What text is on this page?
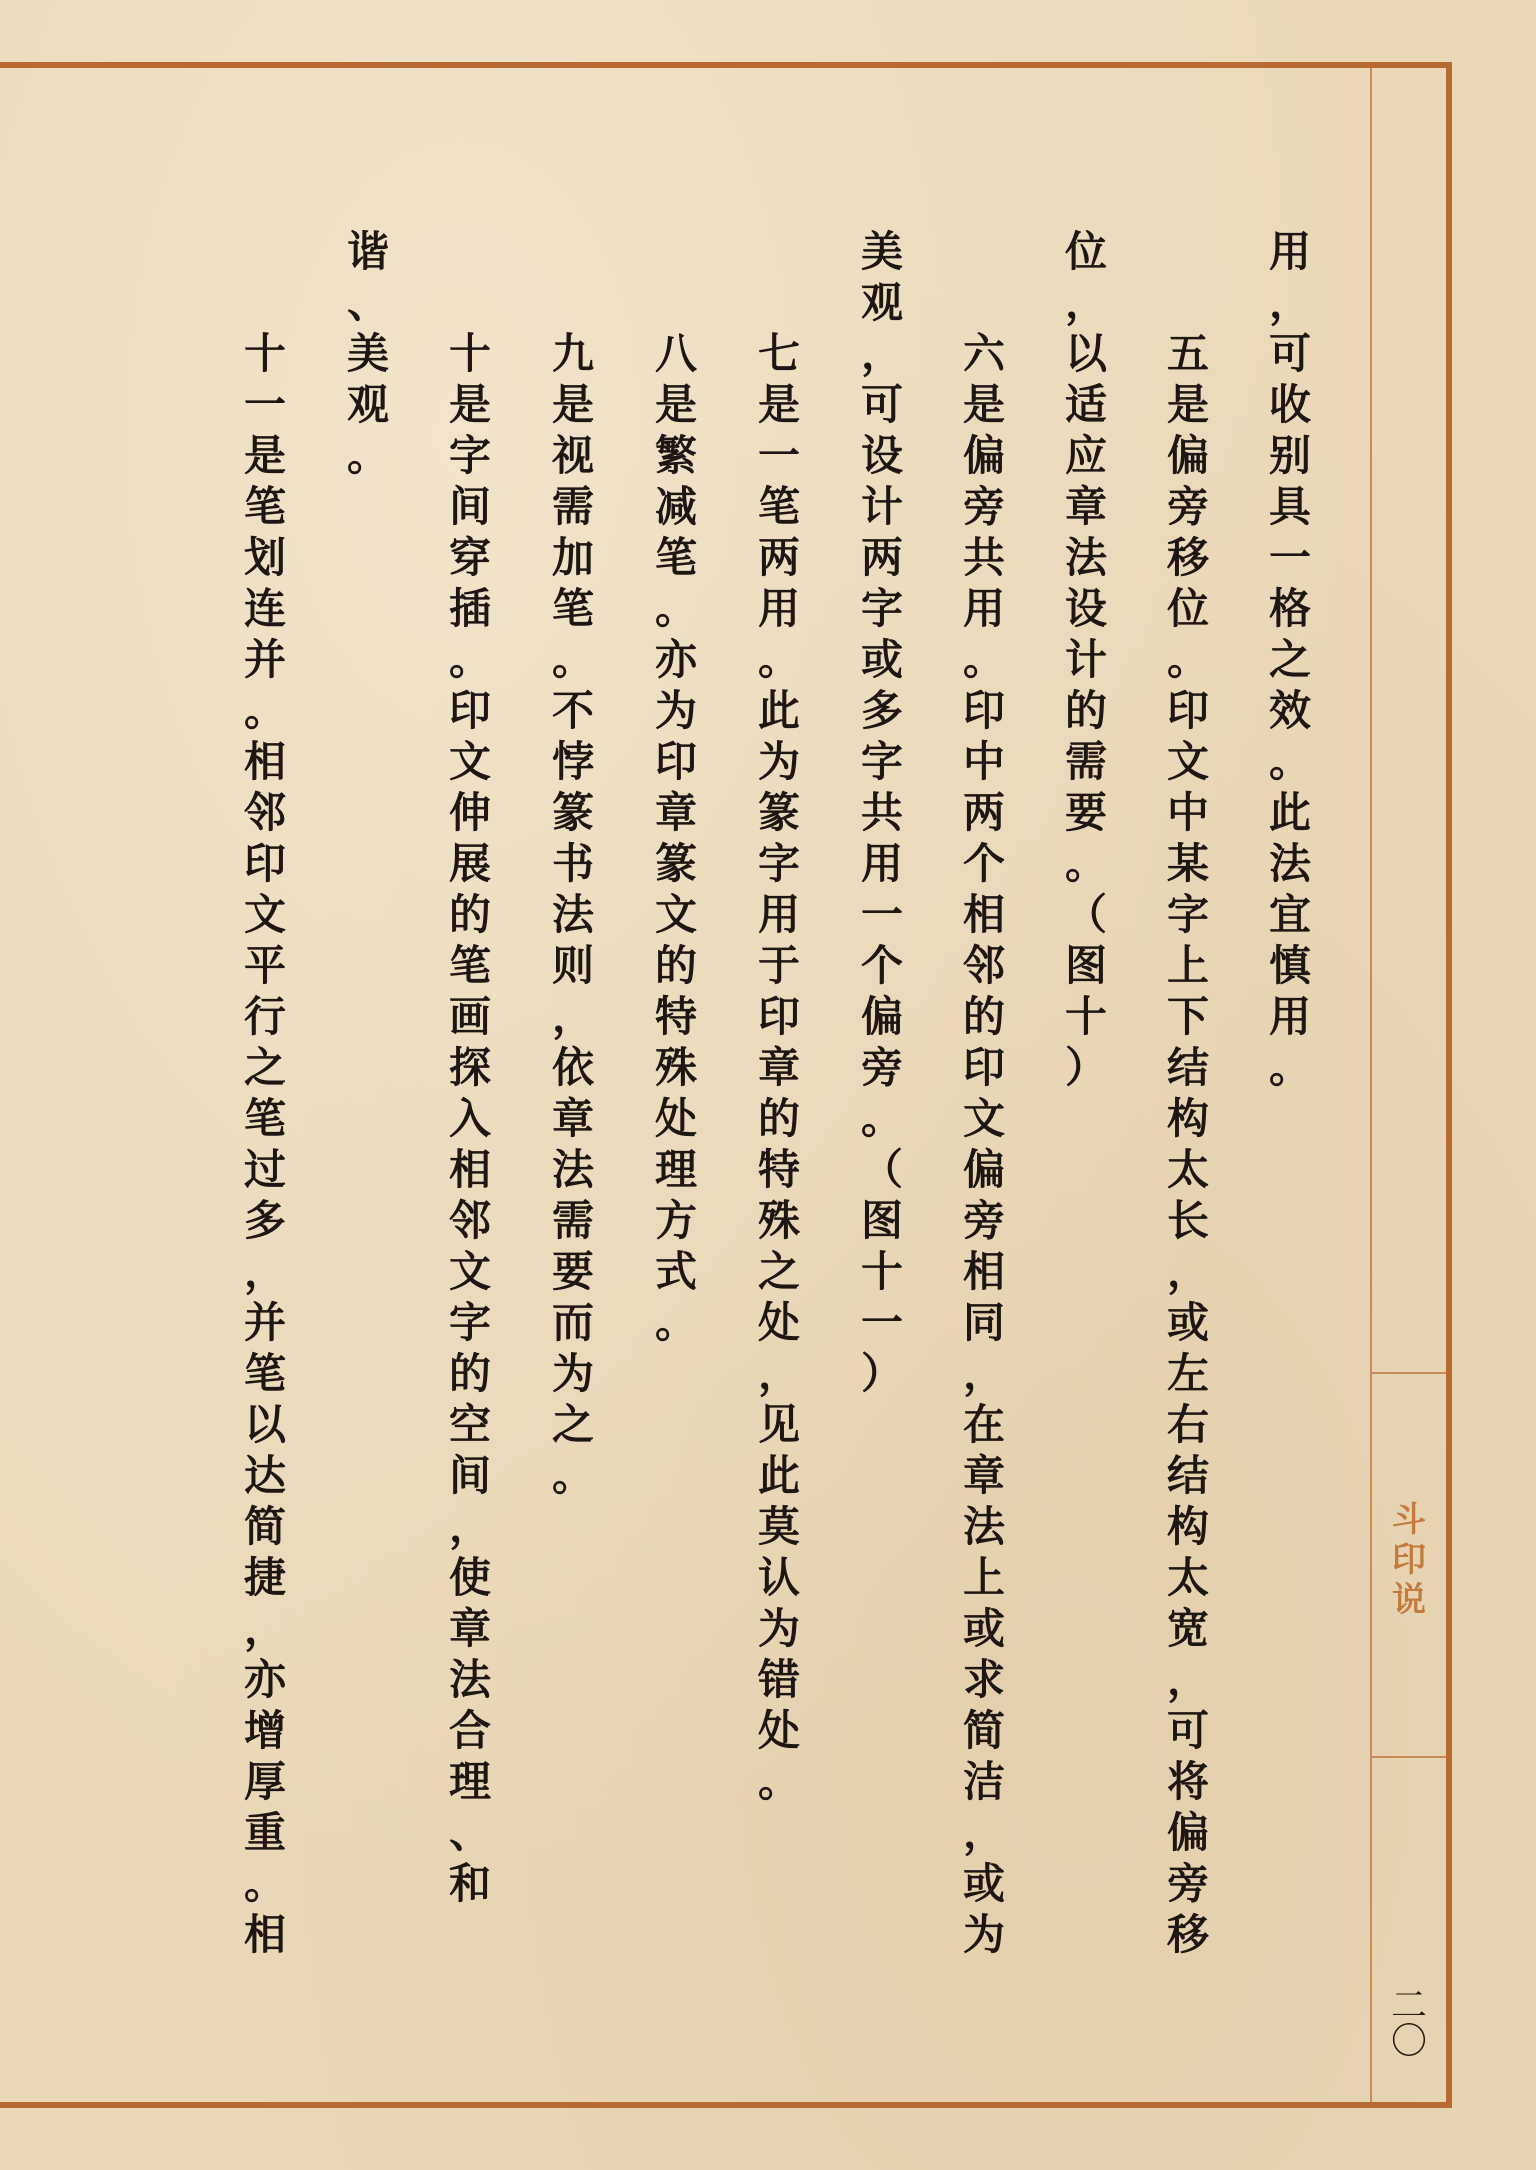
斗
印
说
二
〇
用
，
可
收
别
具
一
格
之
效
。
此
法
宜
慎
用
。
五
是
偏
旁
移
位
。
印
文
中
某
字
上
下
结
构
太
长
，
或
左
右
结
构
太
宽
，
可
将
偏
旁
移
位
，
以
适
应
章
法
设
计
的
需
要
。
（
图
十
）
六
是
偏
旁
共
用
。
印
中
两
个
相
邻
的
印
文
偏
旁
相
同
，
在
章
法
上
或
求
简
洁
，
或
为
美
观
，
可
设
计
两
字
或
多
字
共
用
一
个
偏
旁
。
（
图
十
一
）
七
是
一
笔
两
用
。
此
为
篆
字
用
于
印
章
的
特
殊
之
处
，
见
此
莫
认
为
错
处
。
八
是
繁
减
笔
。
亦
为
印
章
篆
文
的
特
殊
处
理
方
式
。
九
是
视
需
加
笔
。
不
悖
篆
书
法
则
，
依
章
法
需
要
而
为
之
。
十
是
字
间
穿
插
。
印
文
伸
展
的
笔
画
探
入
相
邻
文
字
的
空
间
，
使
章
法
合
理
、
和
谐
、
美
观
。
十
一
是
笔
划
连
并
。
相
邻
印
文
平
行
之
笔
过
多
，
并
笔
以
达
简
捷
，
亦
增
厚
重
。
相
